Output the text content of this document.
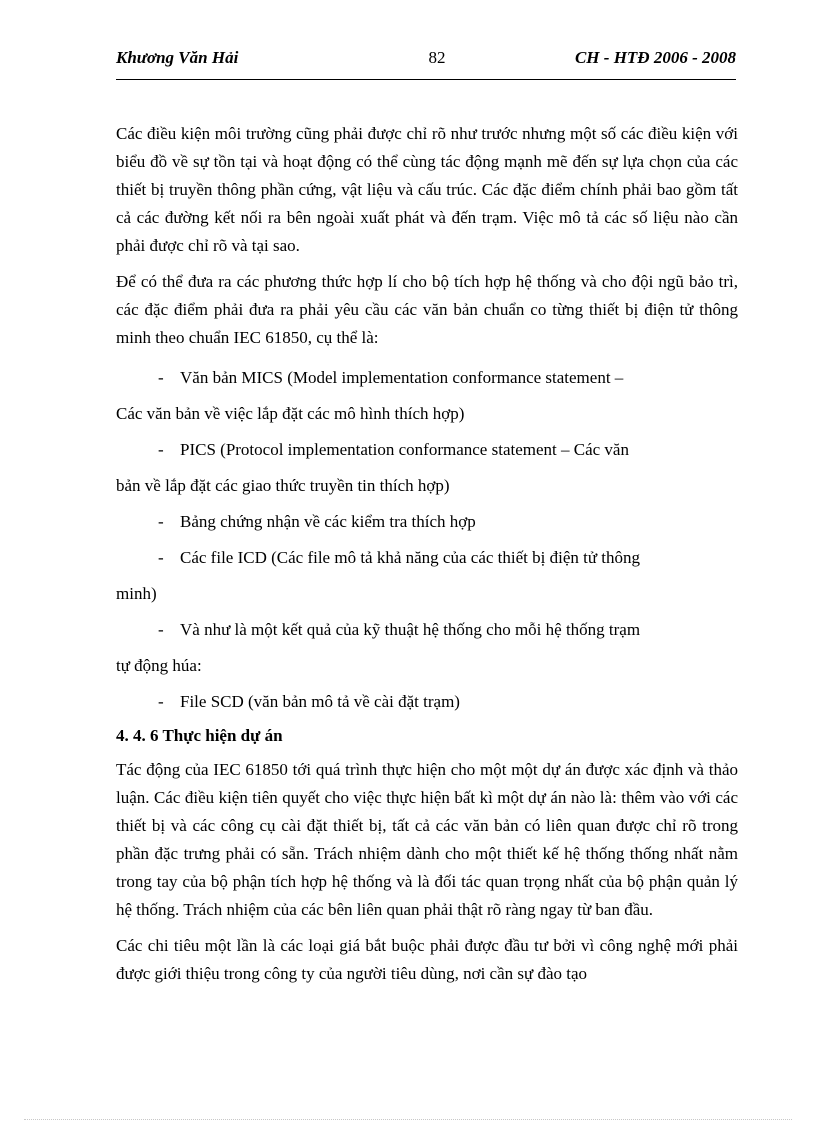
Khương Văn Hải	82	CH - HTĐ 2006 - 2008

Các điều kiện môi trường cũng phải được chỉ rõ như trước nhưng một số các điều kiện với biểu đồ về sự tồn tại và hoạt động có thể cùng tác động mạnh mẽ đến sự lựa chọn của các thiết bị truyền thông phần cứng, vật liệu và cấu trúc. Các đặc điểm chính phải bao gồm tất cả các đường kết nối ra bên ngoài xuất phát và đến trạm. Việc mô tả các số liệu nào cần phải được chỉ rõ và tại sao.

Để có thể đưa ra các phương thức hợp lí cho bộ tích hợp hệ thống và cho đội ngũ bảo trì, các đặc điểm phải đưa ra phải yêu cầu các văn bản chuẩn co từng thiết bị điện tử thông minh theo chuẩn IEC 61850, cụ thể là:

- Văn bản MICS (Model implementation conformance statement –

Các văn bản về việc lắp đặt các mô hình thích hợp)

- PICS (Protocol implementation conformance statement – Các văn

bản về lắp đặt các giao thức truyền tin thích hợp)

- Bảng chứng nhận về các kiểm tra thích hợp

- Các file ICD (Các file mô tả khả năng của các thiết bị điện tử thông

minh)

- Và như là một kết quả của kỹ thuật hệ thống cho mỗi hệ thống trạm

tự động húa:

- File SCD (văn bản mô tả về cài đặt trạm)

4. 4. 6 Thực hiện dự án

Tác động của IEC 61850 tới quá trình thực hiện cho một một dự án được xác định và thảo luận. Các điều kiện tiên quyết cho việc thực hiện bất kì một dự án nào là: thêm vào với các thiết bị và các công cụ cài đặt thiết bị, tất cả các văn bản có liên quan được chỉ rõ trong phần đặc trưng phải có sẵn. Trách nhiệm dành cho một thiết kế hệ thống thống nhất nằm trong tay của bộ phận tích hợp hệ thống và là đối tác quan trọng nhất của bộ phận quản lý hệ thống. Trách nhiệm của các bên liên quan phải thật rõ ràng ngay từ ban đầu.

Các chi tiêu một lần là các loại giá bắt buộc phải được đầu tư bởi vì công nghệ mới phải được giới thiệu trong công ty của người tiêu dùng, nơi cần sự đào tạo
